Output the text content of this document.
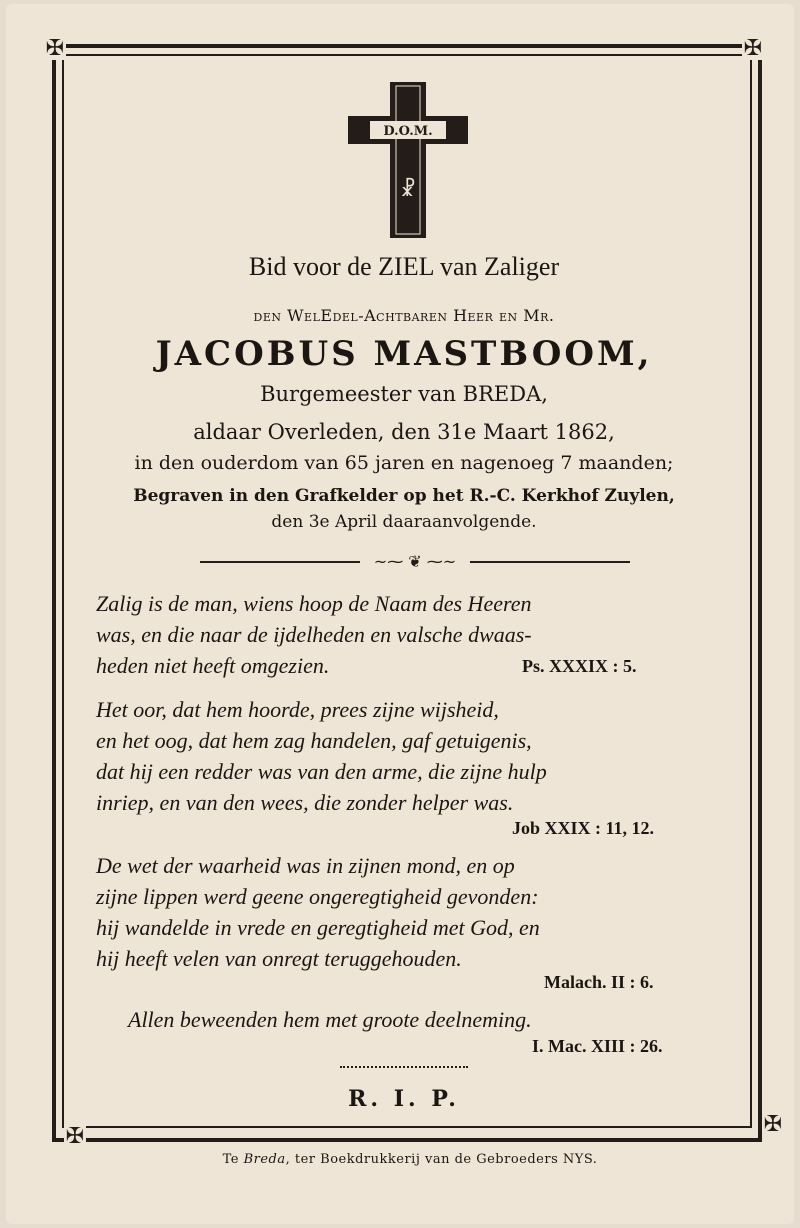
✠	✠
✠	✠
D.O.M.
☧
Bid voor de ZIEL van Zaliger
den WelEdel-Achtbaren Heer en Mr.
JACOBUS MASTBOOM,
Burgemeester van BREDA,
aldaar Overleden, den 31e Maart 1862,
in den ouderdom van 65 jaren en nagenoeg 7 maanden;
Begraven in den Grafkelder op het R.-C. Kerkhof Zuylen,
den 3e April daaraanvolgende.
~⁓ ❦ ⁓~
Zalig is de man, wiens hoop de Naam des Heeren
was, en die naar de ijdelheden en valsche dwaas-
heden niet heeft omgezien.	Ps. XXXIX : 5.
Het oor, dat hem hoorde, prees zijne wijsheid,
en het oog, dat hem zag handelen, gaf getuigenis,
dat hij een redder was van den arme, die zijne hulp
inriep, en van den wees, die zonder helper was.
Job XXIX : 11, 12.
De wet der waarheid was in zijnen mond, en op
zijne lippen werd geene ongeregtigheid gevonden:
hij wandelde in vrede en geregtigheid met God, en
hij heeft velen van onregt teruggehouden.
Malach. II : 6.
Allen beweenden hem met groote deelneming.
I. Mac. XIII : 26.
R. I. P.
Te Breda, ter Boekdrukkerij van de Gebroeders NYS.
